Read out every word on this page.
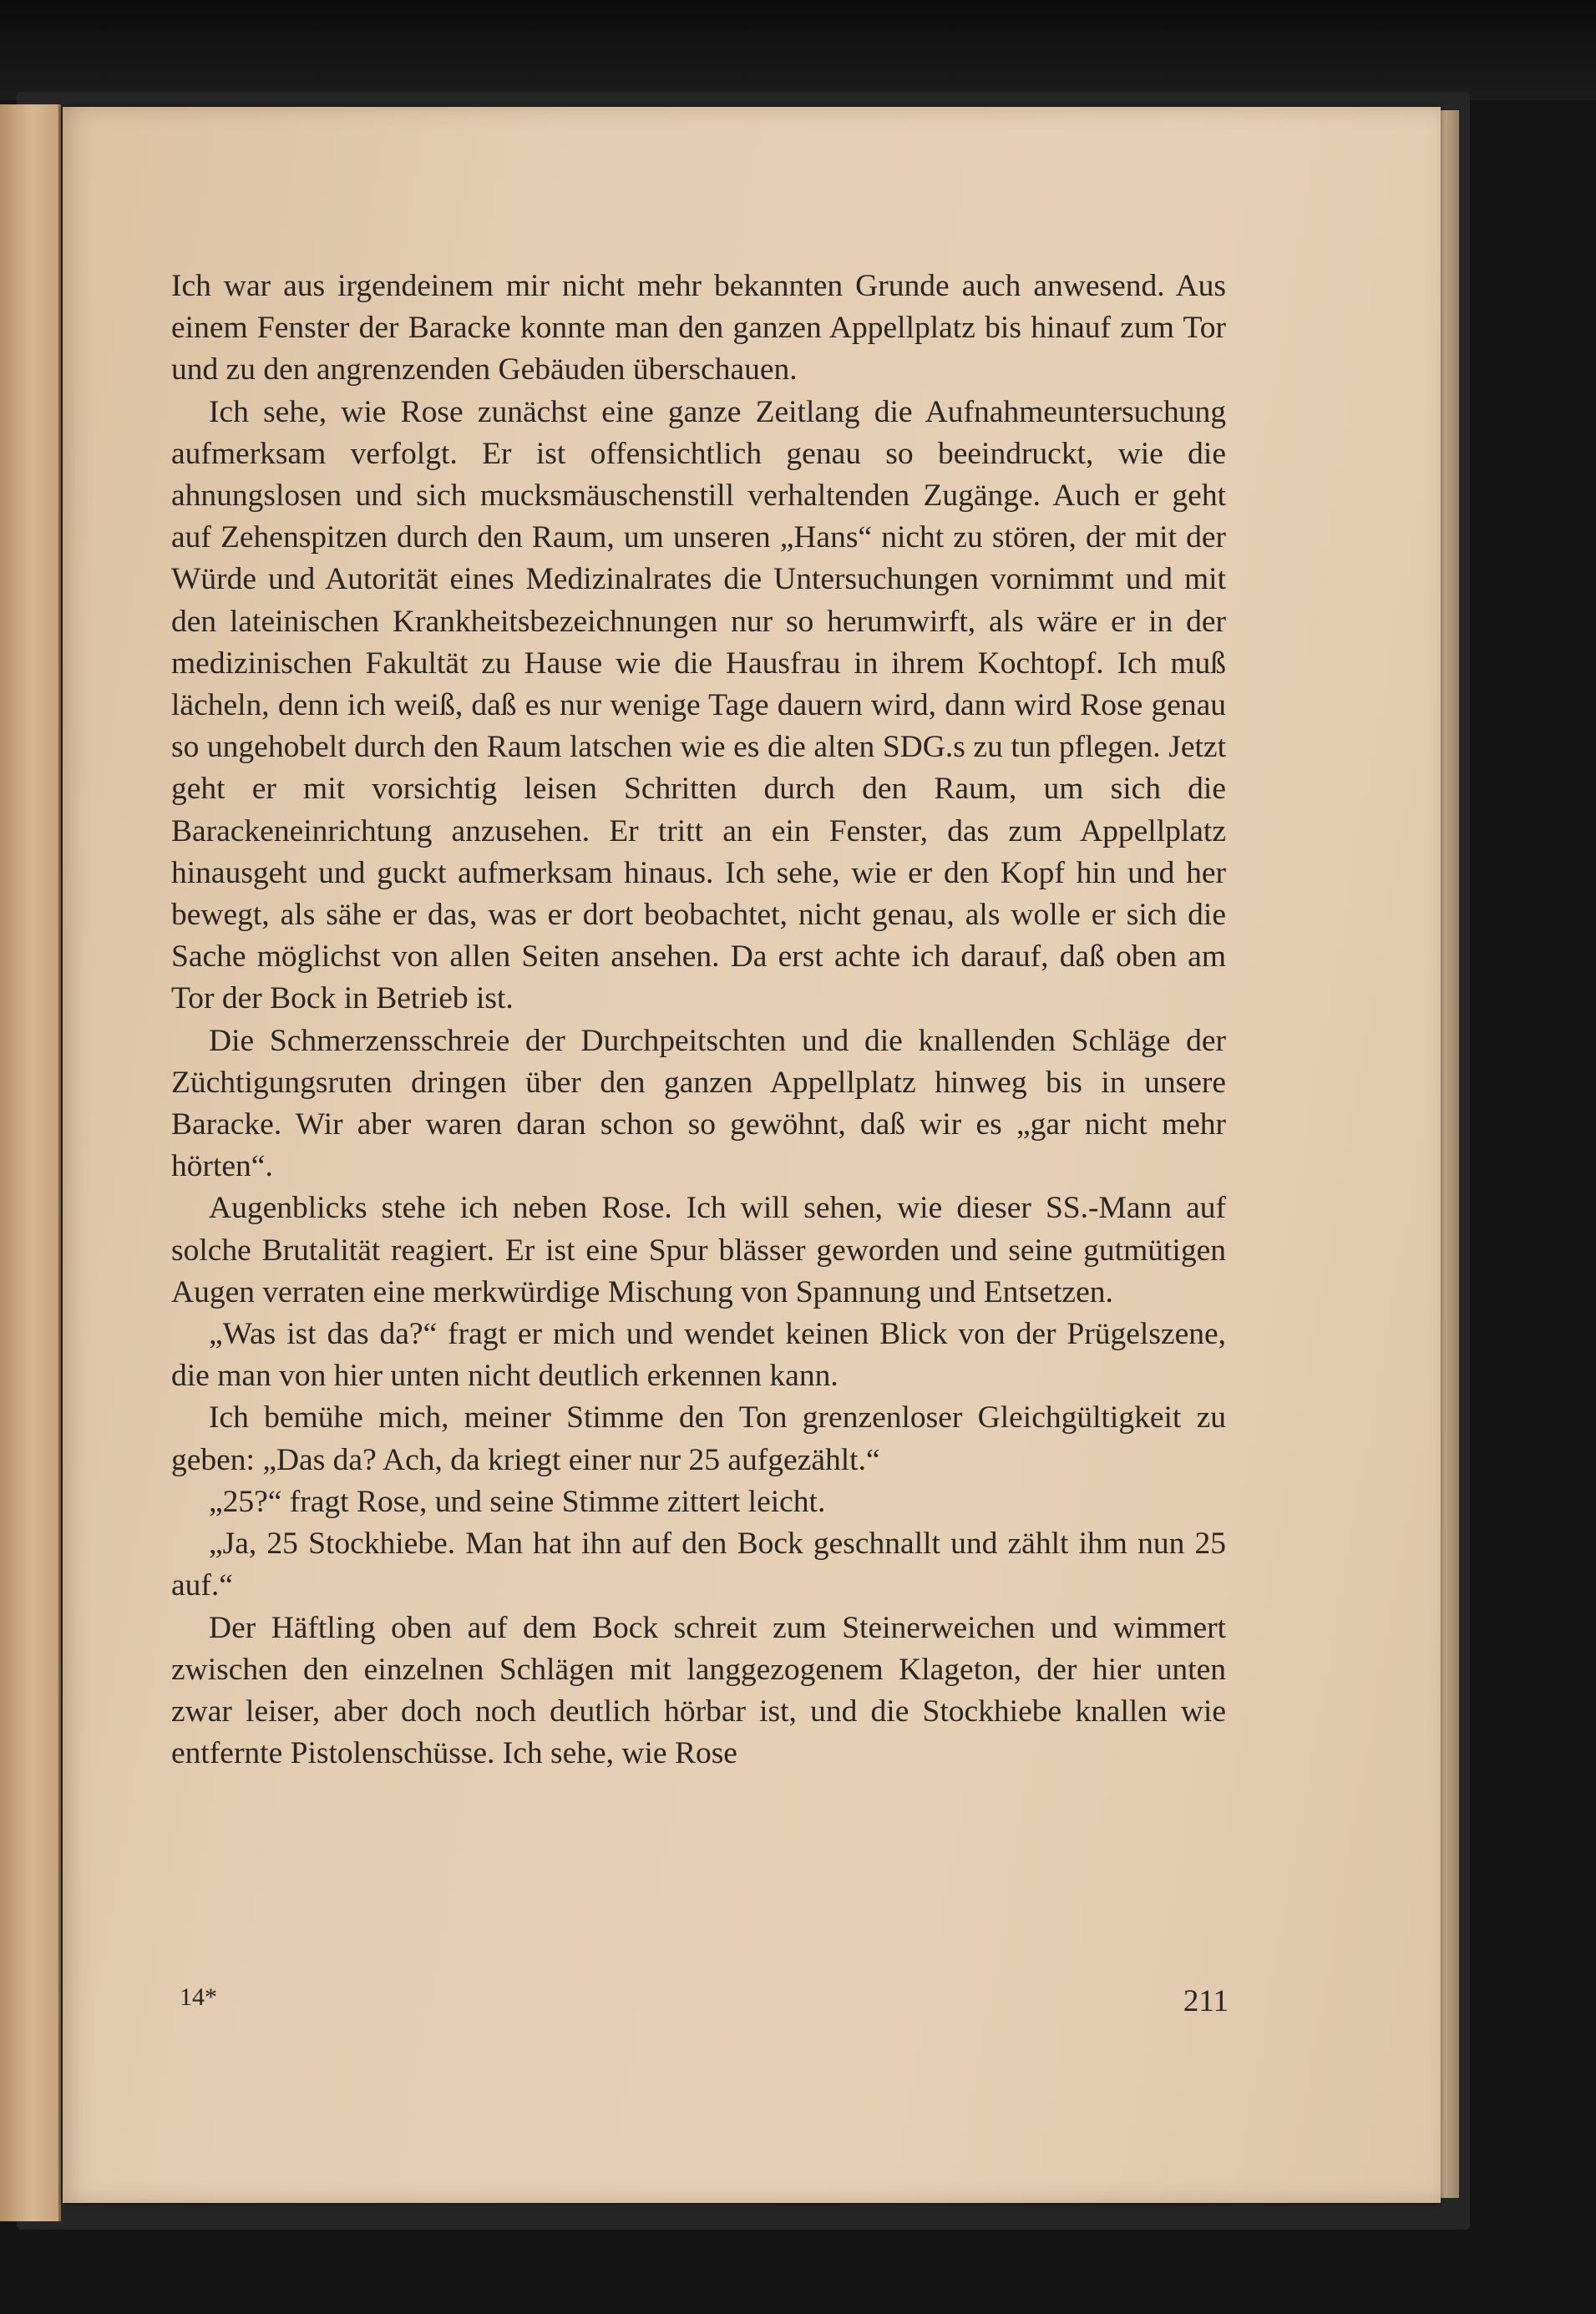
Ich war aus irgendeinem mir nicht mehr bekannten Grunde auch anwesend. Aus einem Fenster der Baracke konnte man den ganzen Appellplatz bis hinauf zum Tor und zu den angrenzenden Gebäuden überschauen.

Ich sehe, wie Rose zunächst eine ganze Zeitlang die Aufnahmeuntersuchung aufmerksam verfolgt. Er ist offensichtlich genau so beeindruckt, wie die ahnungslosen und sich mucksmäuschenstill verhaltenden Zugänge. Auch er geht auf Zehenspitzen durch den Raum, um unseren „Hans“ nicht zu stören, der mit der Würde und Autorität eines Medizinalrates die Untersuchungen vornimmt und mit den lateinischen Krankheitsbezeichnungen nur so herumwirft, als wäre er in der medizinischen Fakultät zu Hause wie die Hausfrau in ihrem Kochtopf. Ich muß lächeln, denn ich weiß, daß es nur wenige Tage dauern wird, dann wird Rose genau so ungehobelt durch den Raum latschen wie es die alten SDG.s zu tun pflegen. Jetzt geht er mit vorsichtig leisen Schritten durch den Raum, um sich die Barackeneinrichtung anzusehen. Er tritt an ein Fenster, das zum Appellplatz hinausgeht und guckt aufmerksam hinaus. Ich sehe, wie er den Kopf hin und her bewegt, als sähe er das, was er dort beobachtet, nicht genau, als wolle er sich die Sache möglichst von allen Seiten ansehen. Da erst achte ich darauf, daß oben am Tor der Bock in Betrieb ist.

Die Schmerzensschreie der Durchpeitschten und die knallenden Schläge der Züchtigungsruten dringen über den ganzen Appellplatz hinweg bis in unsere Baracke. Wir aber waren daran schon so gewöhnt, daß wir es „gar nicht mehr hörten“.

Augenblicks stehe ich neben Rose. Ich will sehen, wie dieser SS.-Mann auf solche Brutalität reagiert. Er ist eine Spur blässer geworden und seine gutmütigen Augen verraten eine merkwürdige Mischung von Spannung und Entsetzen.

„Was ist das da?“ fragt er mich und wendet keinen Blick von der Prügelszene, die man von hier unten nicht deutlich erkennen kann.

Ich bemühe mich, meiner Stimme den Ton grenzenloser Gleichgültigkeit zu geben: „Das da? Ach, da kriegt einer nur 25 aufgezählt.“

„25?“ fragt Rose, und seine Stimme zittert leicht.

„Ja, 25 Stockhiebe. Man hat ihn auf den Bock geschnallt und zählt ihm nun 25 auf.“

Der Häftling oben auf dem Bock schreit zum Steinerweichen und wimmert zwischen den einzelnen Schlägen mit langgezogenem Klageton, der hier unten zwar leiser, aber doch noch deutlich hörbar ist, und die Stockhiebe knallen wie entfernte Pistolenschüsse. Ich sehe, wie Rose

14*	211
